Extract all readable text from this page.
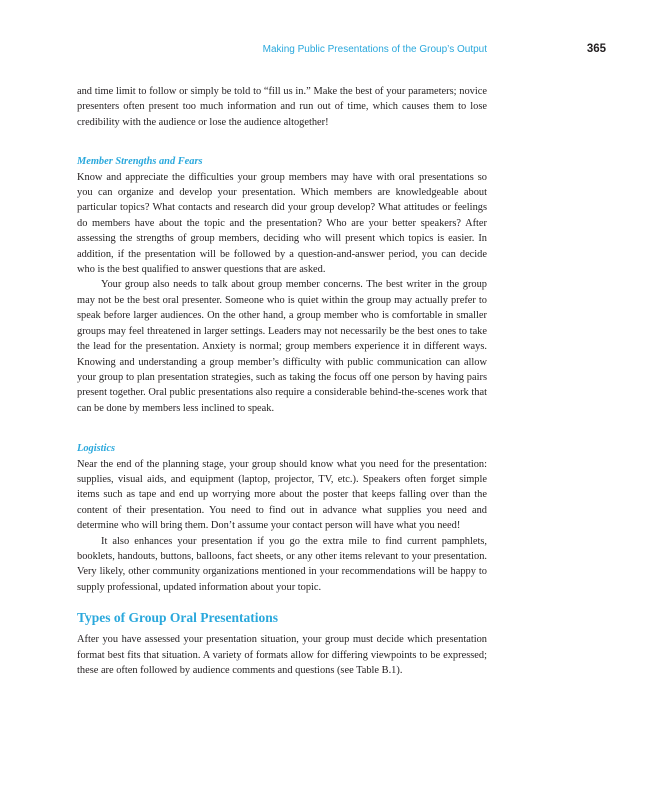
Making Public Presentations of the Group’s Output	365

and time limit to follow or simply be told to “fill us in.” Make the best of your parameters; novice presenters often present too much information and run out of time, which causes them to lose credibility with the audience or lose the audience altogether!

Member Strengths and Fears

Know and appreciate the difficulties your group members may have with oral presentations so you can organize and develop your presentation. Which members are knowledgeable about particular topics? What contacts and research did your group develop? What attitudes or feelings do members have about the topic and the presentation? Who are your better speakers? After assessing the strengths of group members, deciding who will present which topics is easier. In addition, if the presentation will be followed by a question-and-answer period, you can decide who is the best qualified to answer questions that are asked.

Your group also needs to talk about group member concerns. The best writer in the group may not be the best oral presenter. Someone who is quiet within the group may actually prefer to speak before larger audiences. On the other hand, a group member who is comfortable in smaller groups may feel threatened in larger settings. Leaders may not necessarily be the best ones to take the lead for the presentation. Anxiety is normal; group members experience it in different ways. Knowing and understanding a group member’s difficulty with public communication can allow your group to plan presentation strategies, such as taking the focus off one person by having pairs present together. Oral public presentations also require a considerable behind-the-scenes work that can be done by members less inclined to speak.

Logistics

Near the end of the planning stage, your group should know what you need for the presentation: supplies, visual aids, and equipment (laptop, projector, TV, etc.). Speakers often forget simple items such as tape and end up worrying more about the poster that keeps falling over than the content of their presentation. You need to find out in advance what supplies you need and determine who will bring them. Don’t assume your contact person will have what you need!

It also enhances your presentation if you go the extra mile to find current pamphlets, booklets, handouts, buttons, balloons, fact sheets, or any other items relevant to your presentation. Very likely, other community organizations mentioned in your recommendations will be happy to supply professional, updated information about your topic.

Types of Group Oral Presentations

After you have assessed your presentation situation, your group must decide which presentation format best fits that situation. A variety of formats allow for differing viewpoints to be expressed; these are often followed by audience comments and questions (see Table B.1).
